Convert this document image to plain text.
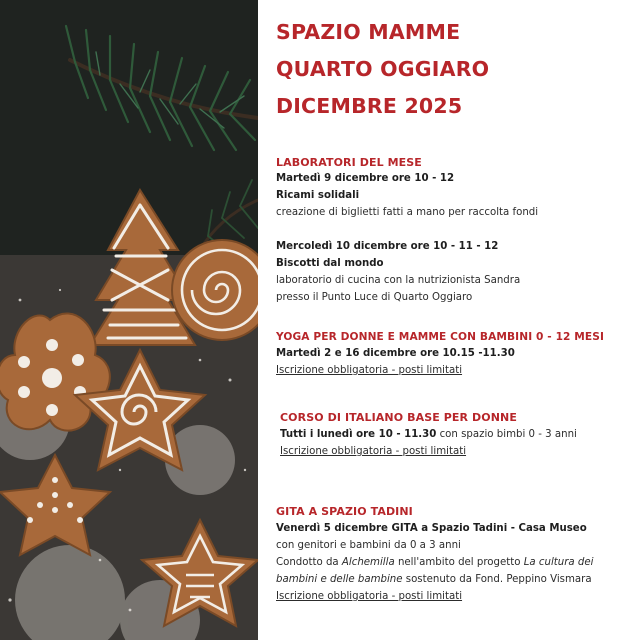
SPAZIO MAMME
QUARTO OGGIARO
DICEMBRE 2025
LABORATORI DEL MESE
Martedì 9 dicembre ore 10 - 12
Ricami solidali
creazione di biglietti fatti a mano per raccolta fondi
Mercoledì 10 dicembre ore 10 - 11 - 12
Biscotti dal mondo
laboratorio di cucina con la nutrizionista Sandra
presso il Punto Luce di Quarto Oggiaro
YOGA PER DONNE E MAMME CON BAMBINI 0 - 12 MESI
Martedì 2 e 16 dicembre ore 10.15 -11.30
Iscrizione obbligatoria - posti limitati
CORSO DI ITALIANO BASE PER DONNE
Tutti i lunedì ore 10 - 11.30 con spazio bimbi 0 - 3 anni
Iscrizione obbligatoria - posti limitati
GITA A SPAZIO TADINI
Venerdì 5 dicembre GITA a Spazio Tadini - Casa Museo
con genitori e bambini da 0 a 3 anni
Condotto da Alchemilla nell'ambito del progetto La cultura dei
bambini e delle bambine sostenuto da Fond. Peppino Vismara
Iscrizione obbligatoria - posti limitati
